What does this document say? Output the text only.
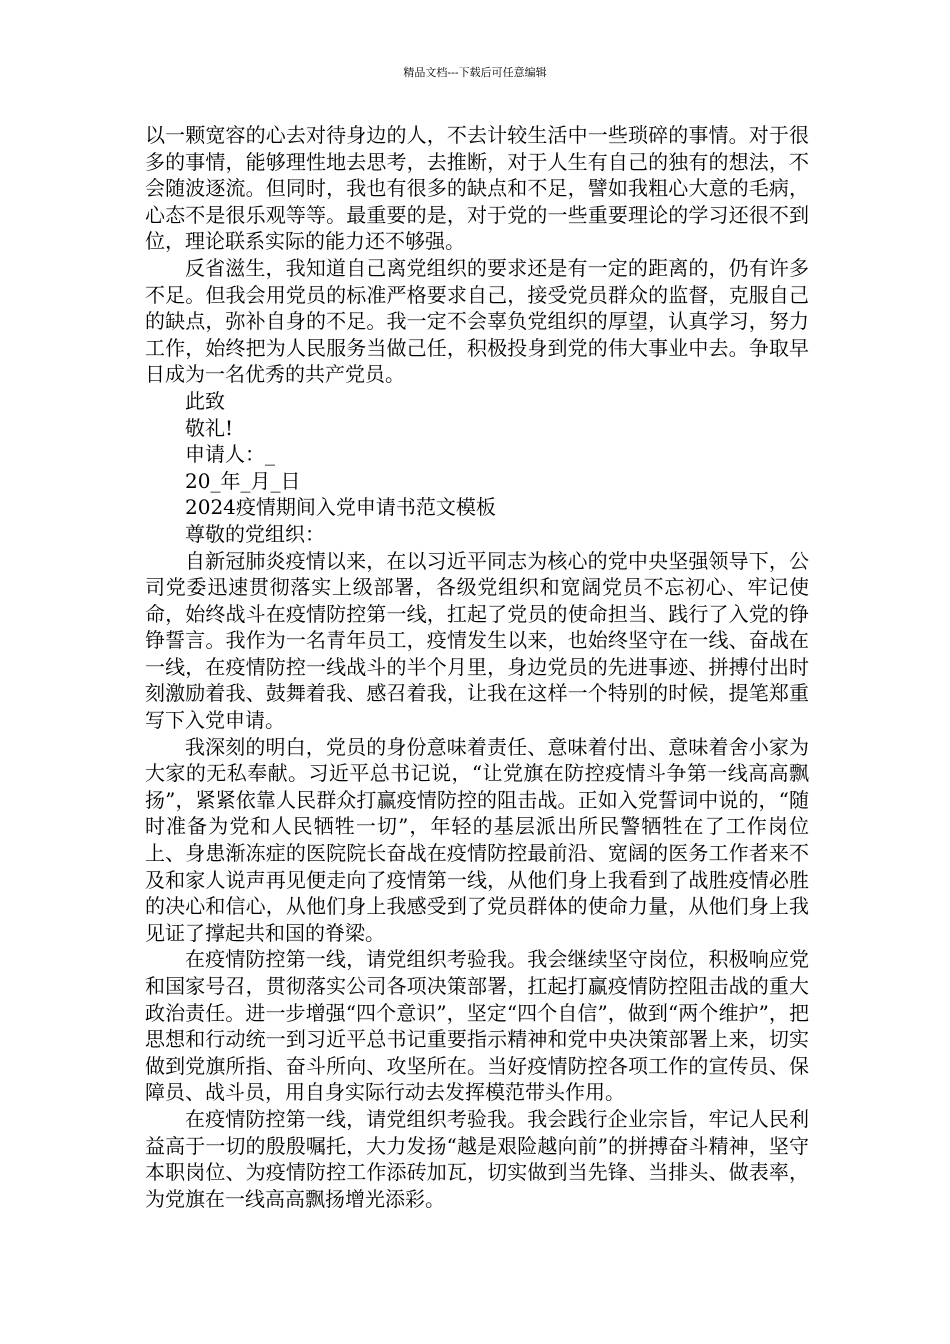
精品文档---下载后可任意编辑

以一颗宽容的心去对待身边的人，不去计较生活中一些琐碎的事情。对于很多的事情，能够理性地去思考，去推断，对于人生有自己的独有的想法，不会随波逐流。但同时，我也有很多的缺点和不足，譬如我粗心大意的毛病，心态不是很乐观等等。最重要的是，对于党的一些重要理论的学习还很不到位，理论联系实际的能力还不够强。

反省滋生，我知道自己离党组织的要求还是有一定的距离的，仍有许多不足。但我会用党员的标准严格要求自己，接受党员群众的监督，克服自己的缺点，弥补自身的不足。我一定不会辜负党组织的厚望，认真学习，努力工作，始终把为人民服务当做己任，积极投身到党的伟大事业中去。争取早日成为一名优秀的共产党员。

此致

敬礼!

申请人：_

20_年_月_日

2024疫情期间入党申请书范文模板

尊敬的党组织：

自新冠肺炎疫情以来，在以习近平同志为核心的党中央坚强领导下，公司党委迅速贯彻落实上级部署，各级党组织和宽阔党员不忘初心、牢记使命，始终战斗在疫情防控第一线，扛起了党员的使命担当、践行了入党的铮铮誓言。我作为一名青年员工，疫情发生以来，也始终坚守在一线、奋战在一线，在疫情防控一线战斗的半个月里，身边党员的先进事迹、拼搏付出时刻激励着我、鼓舞着我、感召着我，让我在这样一个特别的时候，提笔郑重写下入党申请。

我深刻的明白，党员的身份意味着责任、意味着付出、意味着舍小家为大家的无私奉献。习近平总书记说，“让党旗在防控疫情斗争第一线高高飘扬”，紧紧依靠人民群众打赢疫情防控的阻击战。正如入党誓词中说的，“随时准备为党和人民牺牲一切”，年轻的基层派出所民警牺牲在了工作岗位上、身患渐冻症的医院院长奋战在疫情防控最前沿、宽阔的医务工作者来不及和家人说声再见便走向了疫情第一线，从他们身上我看到了战胜疫情必胜的决心和信心，从他们身上我感受到了党员群体的使命力量，从他们身上我见证了撑起共和国的脊梁。

在疫情防控第一线，请党组织考验我。我会继续坚守岗位，积极响应党和国家号召，贯彻落实公司各项决策部署，扛起打赢疫情防控阻击战的重大政治责任。进一步增强“四个意识”，坚定“四个自信”，做到“两个维护”，把思想和行动统一到习近平总书记重要指示精神和党中央决策部署上来，切实做到党旗所指、奋斗所向、攻坚所在。当好疫情防控各项工作的宣传员、保障员、战斗员，用自身实际行动去发挥模范带头作用。

在疫情防控第一线，请党组织考验我。我会践行企业宗旨，牢记人民利益高于一切的殷殷嘱托，大力发扬“越是艰险越向前”的拼搏奋斗精神，坚守本职岗位、为疫情防控工作添砖加瓦，切实做到当先锋、当排头、做表率，为党旗在一线高高飘扬增光添彩。
